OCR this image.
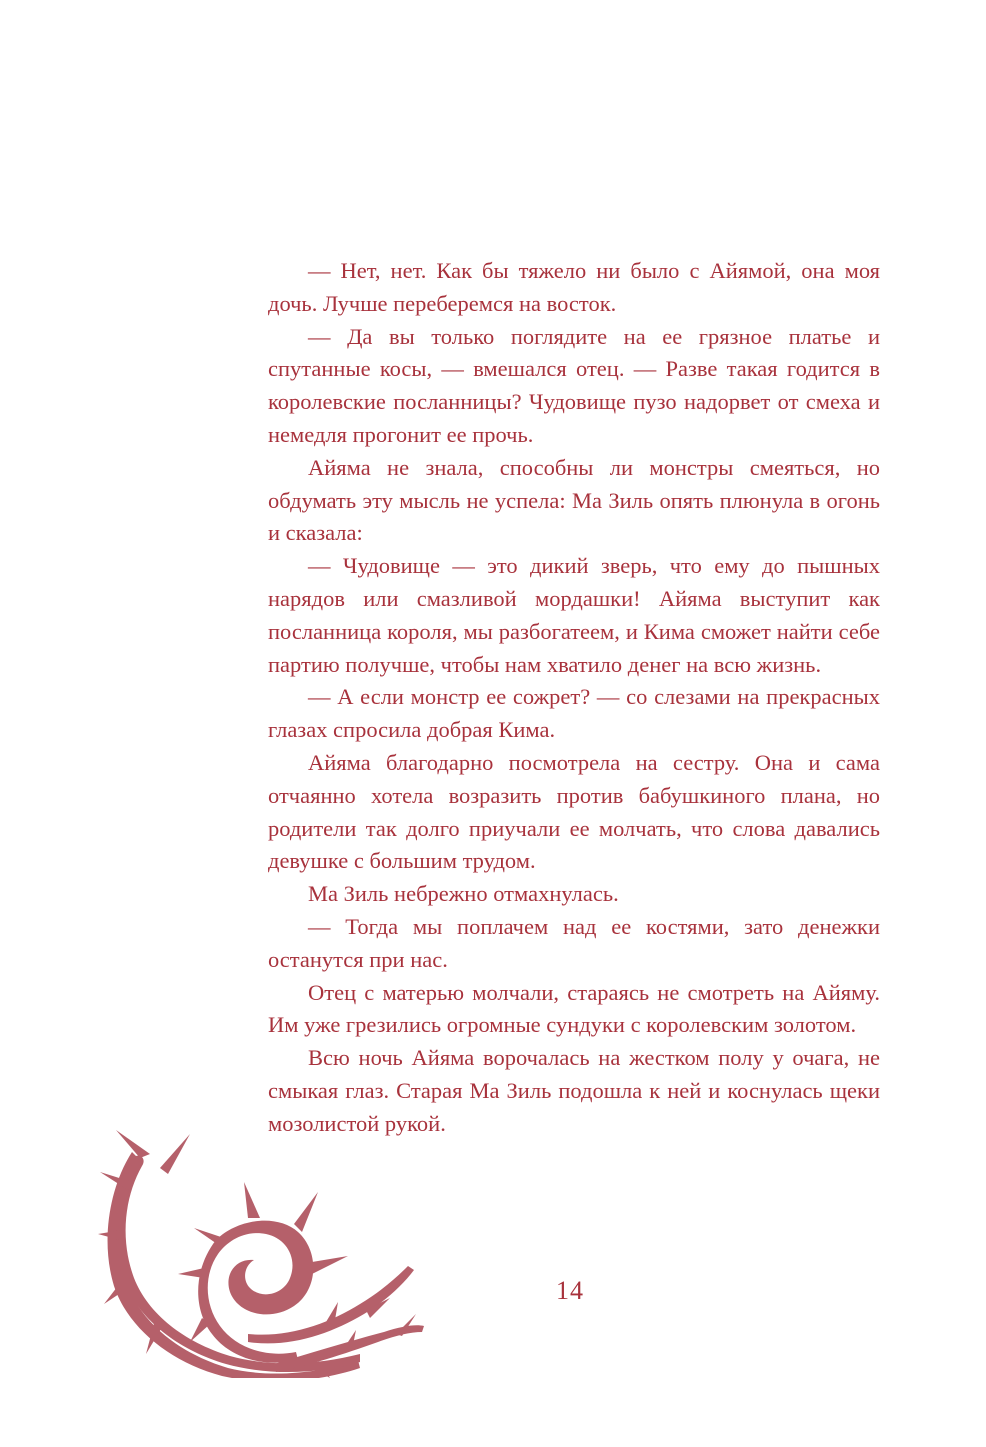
— Нет, нет. Как бы тяжело ни было с Айямой, она моя дочь. Лучше переберемся на восток.

— Да вы только поглядите на ее грязное платье и спутанные косы, — вмешался отец. — Разве такая годится в королевские посланницы? Чудовище пузо надорвет от смеха и немедля прогонит ее прочь.

Айяма не знала, способны ли монстры смеяться, но обдумать эту мысль не успела: Ма Зиль опять плюнула в огонь и сказала:

— Чудовище — это дикий зверь, что ему до пышных нарядов или смазливой мордашки! Айяма выступит как посланница короля, мы разбогатеем, и Кима сможет найти себе партию получше, чтобы нам хватило денег на всю жизнь.

— А если монстр ее сожрет? — со слезами на прекрасных глазах спросила добрая Кима.

Айяма благодарно посмотрела на сестру. Она и сама отчаянно хотела возразить против бабушкиного плана, но родители так долго приучали ее молчать, что слова давались девушке с большим трудом.

Ма Зиль небрежно отмахнулась.

— Тогда мы поплачем над ее костями, зато денежки останутся при нас.

Отец с матерью молчали, стараясь не смотреть на Айяму. Им уже грезились огромные сундуки с королевским золотом.

Всю ночь Айяма ворочалась на жестком полу у очага, не смыкая глаз. Старая Ма Зиль подошла к ней и коснулась щеки мозолистой рукой.

14
